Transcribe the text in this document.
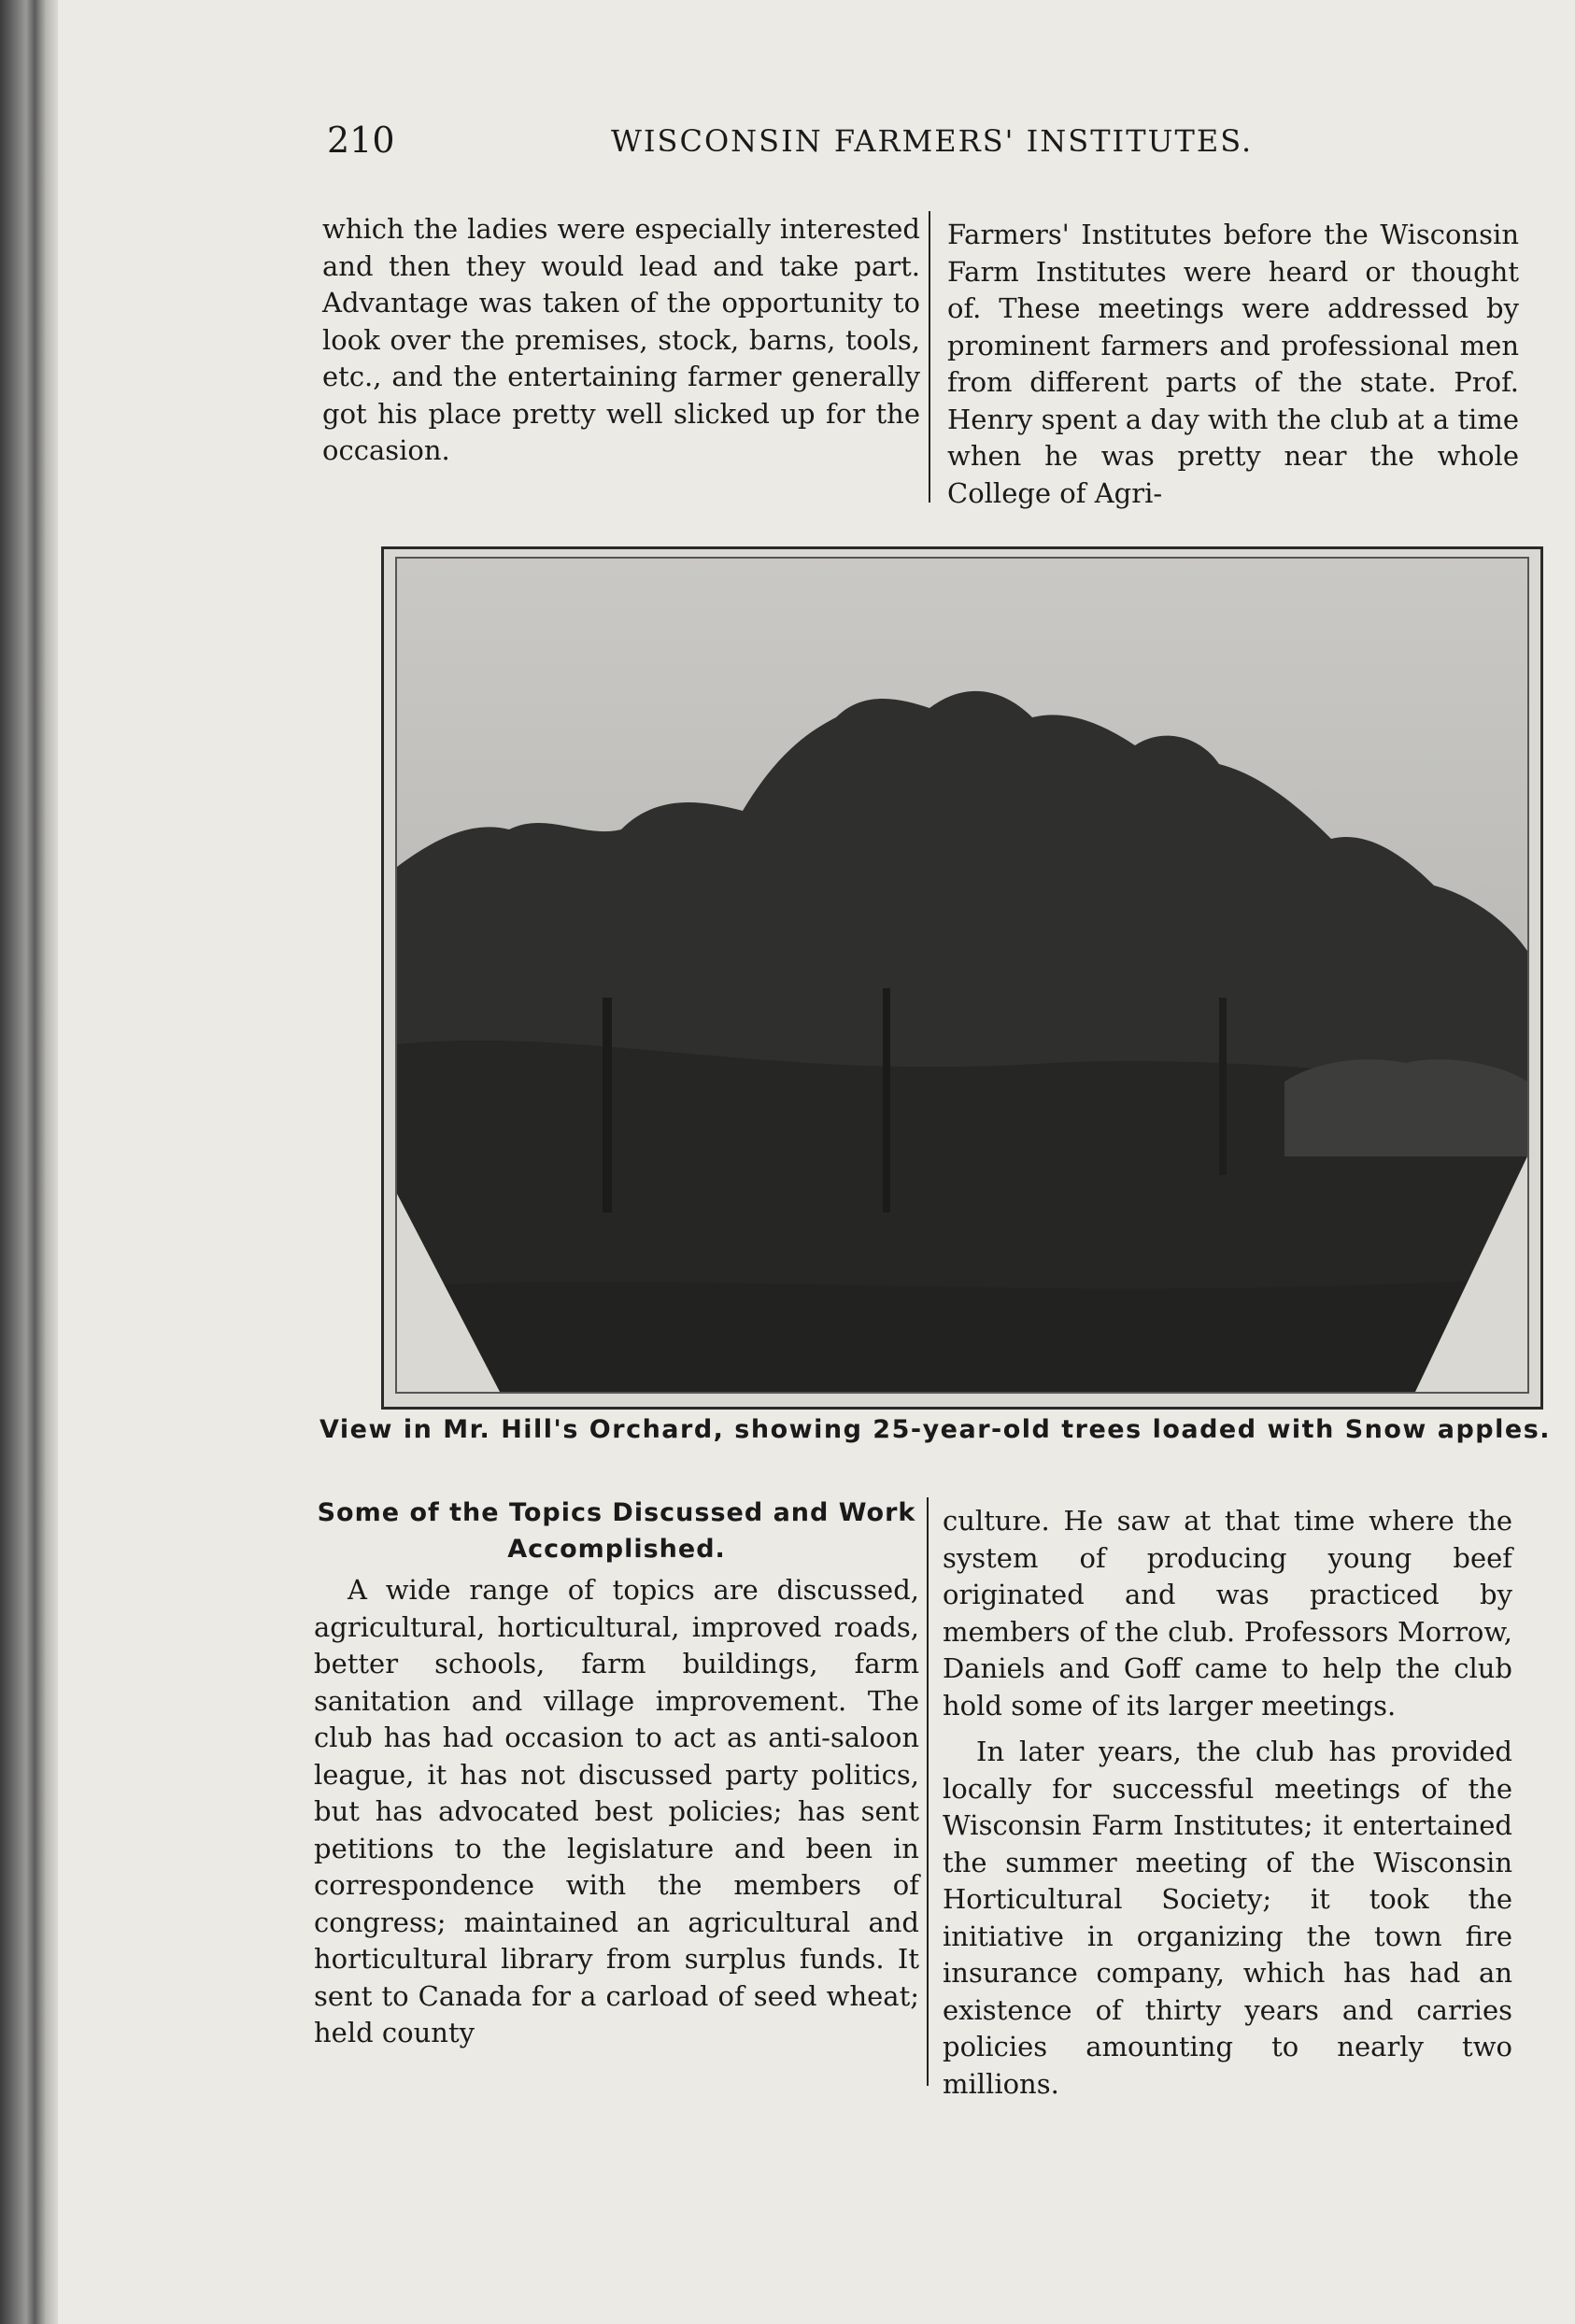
210	WISCONSIN FARMERS' INSTITUTES.

which the ladies were especially interested and then they would lead and take part. Advantage was taken of the opportunity to look over the premises, stock, barns, tools, etc., and the entertaining farmer generally got his place pretty well slicked up for the occasion.

Farmers' Institutes before the Wisconsin Farm Institutes were heard or thought of. These meetings were addressed by prominent farmers and professional men from different parts of the state. Prof. Henry spent a day with the club at a time when he was pretty near the whole College of Agri-

View in Mr. Hill's Orchard, showing 25-year-old trees loaded with Snow apples.
Some of the Topics Discussed and Work Accomplished.

A wide range of topics are discussed, agricultural, horticultural, improved roads, better schools, farm buildings, farm sanitation and village improvement. The club has had occasion to act as anti-saloon league, it has not discussed party politics, but has advocated best policies; has sent petitions to the legislature and been in correspondence with the members of congress; maintained an agricultural and horticultural library from surplus funds. It sent to Canada for a carload of seed wheat; held county

culture. He saw at that time where the system of producing young beef originated and was practiced by members of the club. Professors Morrow, Daniels and Goff came to help the club hold some of its larger meetings.

In later years, the club has provided locally for successful meetings of the Wisconsin Farm Institutes; it entertained the summer meeting of the Wisconsin Horticultural Society; it took the initiative in organizing the town fire insurance company, which has had an existence of thirty years and carries policies amounting to nearly two millions.
